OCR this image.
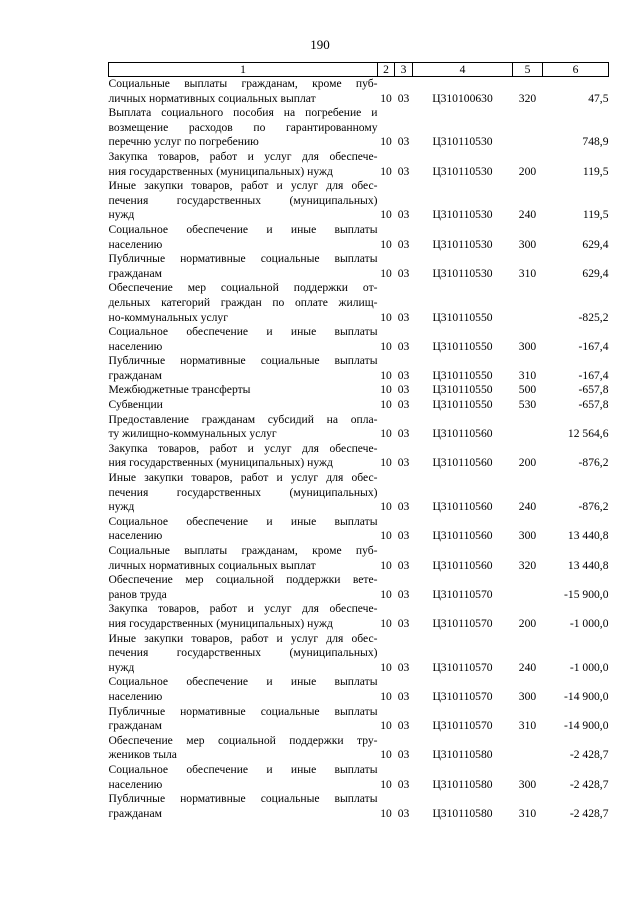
190
1	2	3	4	5	6

Социальные выплаты гражданам, кроме пуб-
личных нормативных социальных выплат	10	03	Ц310100630	320	47,5

Выплата социального пособия на погребение и
возмещение расходов по гарантированному
перечню услуг по погребению	10	03	Ц310110530		748,9

Закупка товаров, работ и услуг для обеспече-
ния государственных (муниципальных) нужд	10	03	Ц310110530	200	119,5

Иные закупки товаров, работ и услуг для обес-
печения государственных (муниципальных)
нужд	10	03	Ц310110530	240	119,5

Социальное обеспечение и иные выплаты
населению	10	03	Ц310110530	300	629,4

Публичные нормативные социальные выплаты
гражданам	10	03	Ц310110530	310	629,4

Обеспечение мер социальной поддержки от-
дельных категорий граждан по оплате жилищ-
но-коммунальных услуг	10	03	Ц310110550		-825,2

Социальное обеспечение и иные выплаты
населению	10	03	Ц310110550	300	-167,4

Публичные нормативные социальные выплаты
гражданам	10	03	Ц310110550	310	-167,4

Межбюджетные трансферты	10	03	Ц310110550	500	-657,8

Субвенции	10	03	Ц310110550	530	-657,8

Предоставление гражданам субсидий на опла-
ту жилищно-коммунальных услуг	10	03	Ц310110560		12 564,6

Закупка товаров, работ и услуг для обеспече-
ния государственных (муниципальных) нужд	10	03	Ц310110560	200	-876,2

Иные закупки товаров, работ и услуг для обес-
печения государственных (муниципальных)
нужд	10	03	Ц310110560	240	-876,2

Социальное обеспечение и иные выплаты
населению	10	03	Ц310110560	300	13 440,8

Социальные выплаты гражданам, кроме пуб-
личных нормативных социальных выплат	10	03	Ц310110560	320	13 440,8

Обеспечение мер социальной поддержки вете-
ранов труда	10	03	Ц310110570		-15 900,0

Закупка товаров, работ и услуг для обеспече-
ния государственных (муниципальных) нужд	10	03	Ц310110570	200	-1 000,0

Иные закупки товаров, работ и услуг для обес-
печения государственных (муниципальных)
нужд	10	03	Ц310110570	240	-1 000,0

Социальное обеспечение и иные выплаты
населению	10	03	Ц310110570	300	-14 900,0

Публичные нормативные социальные выплаты
гражданам	10	03	Ц310110570	310	-14 900,0

Обеспечение мер социальной поддержки тру-
жеников тыла	10	03	Ц310110580		-2 428,7

Социальное обеспечение и иные выплаты
населению	10	03	Ц310110580	300	-2 428,7

Публичные нормативные социальные выплаты
гражданам	10	03	Ц310110580	310	-2 428,7
